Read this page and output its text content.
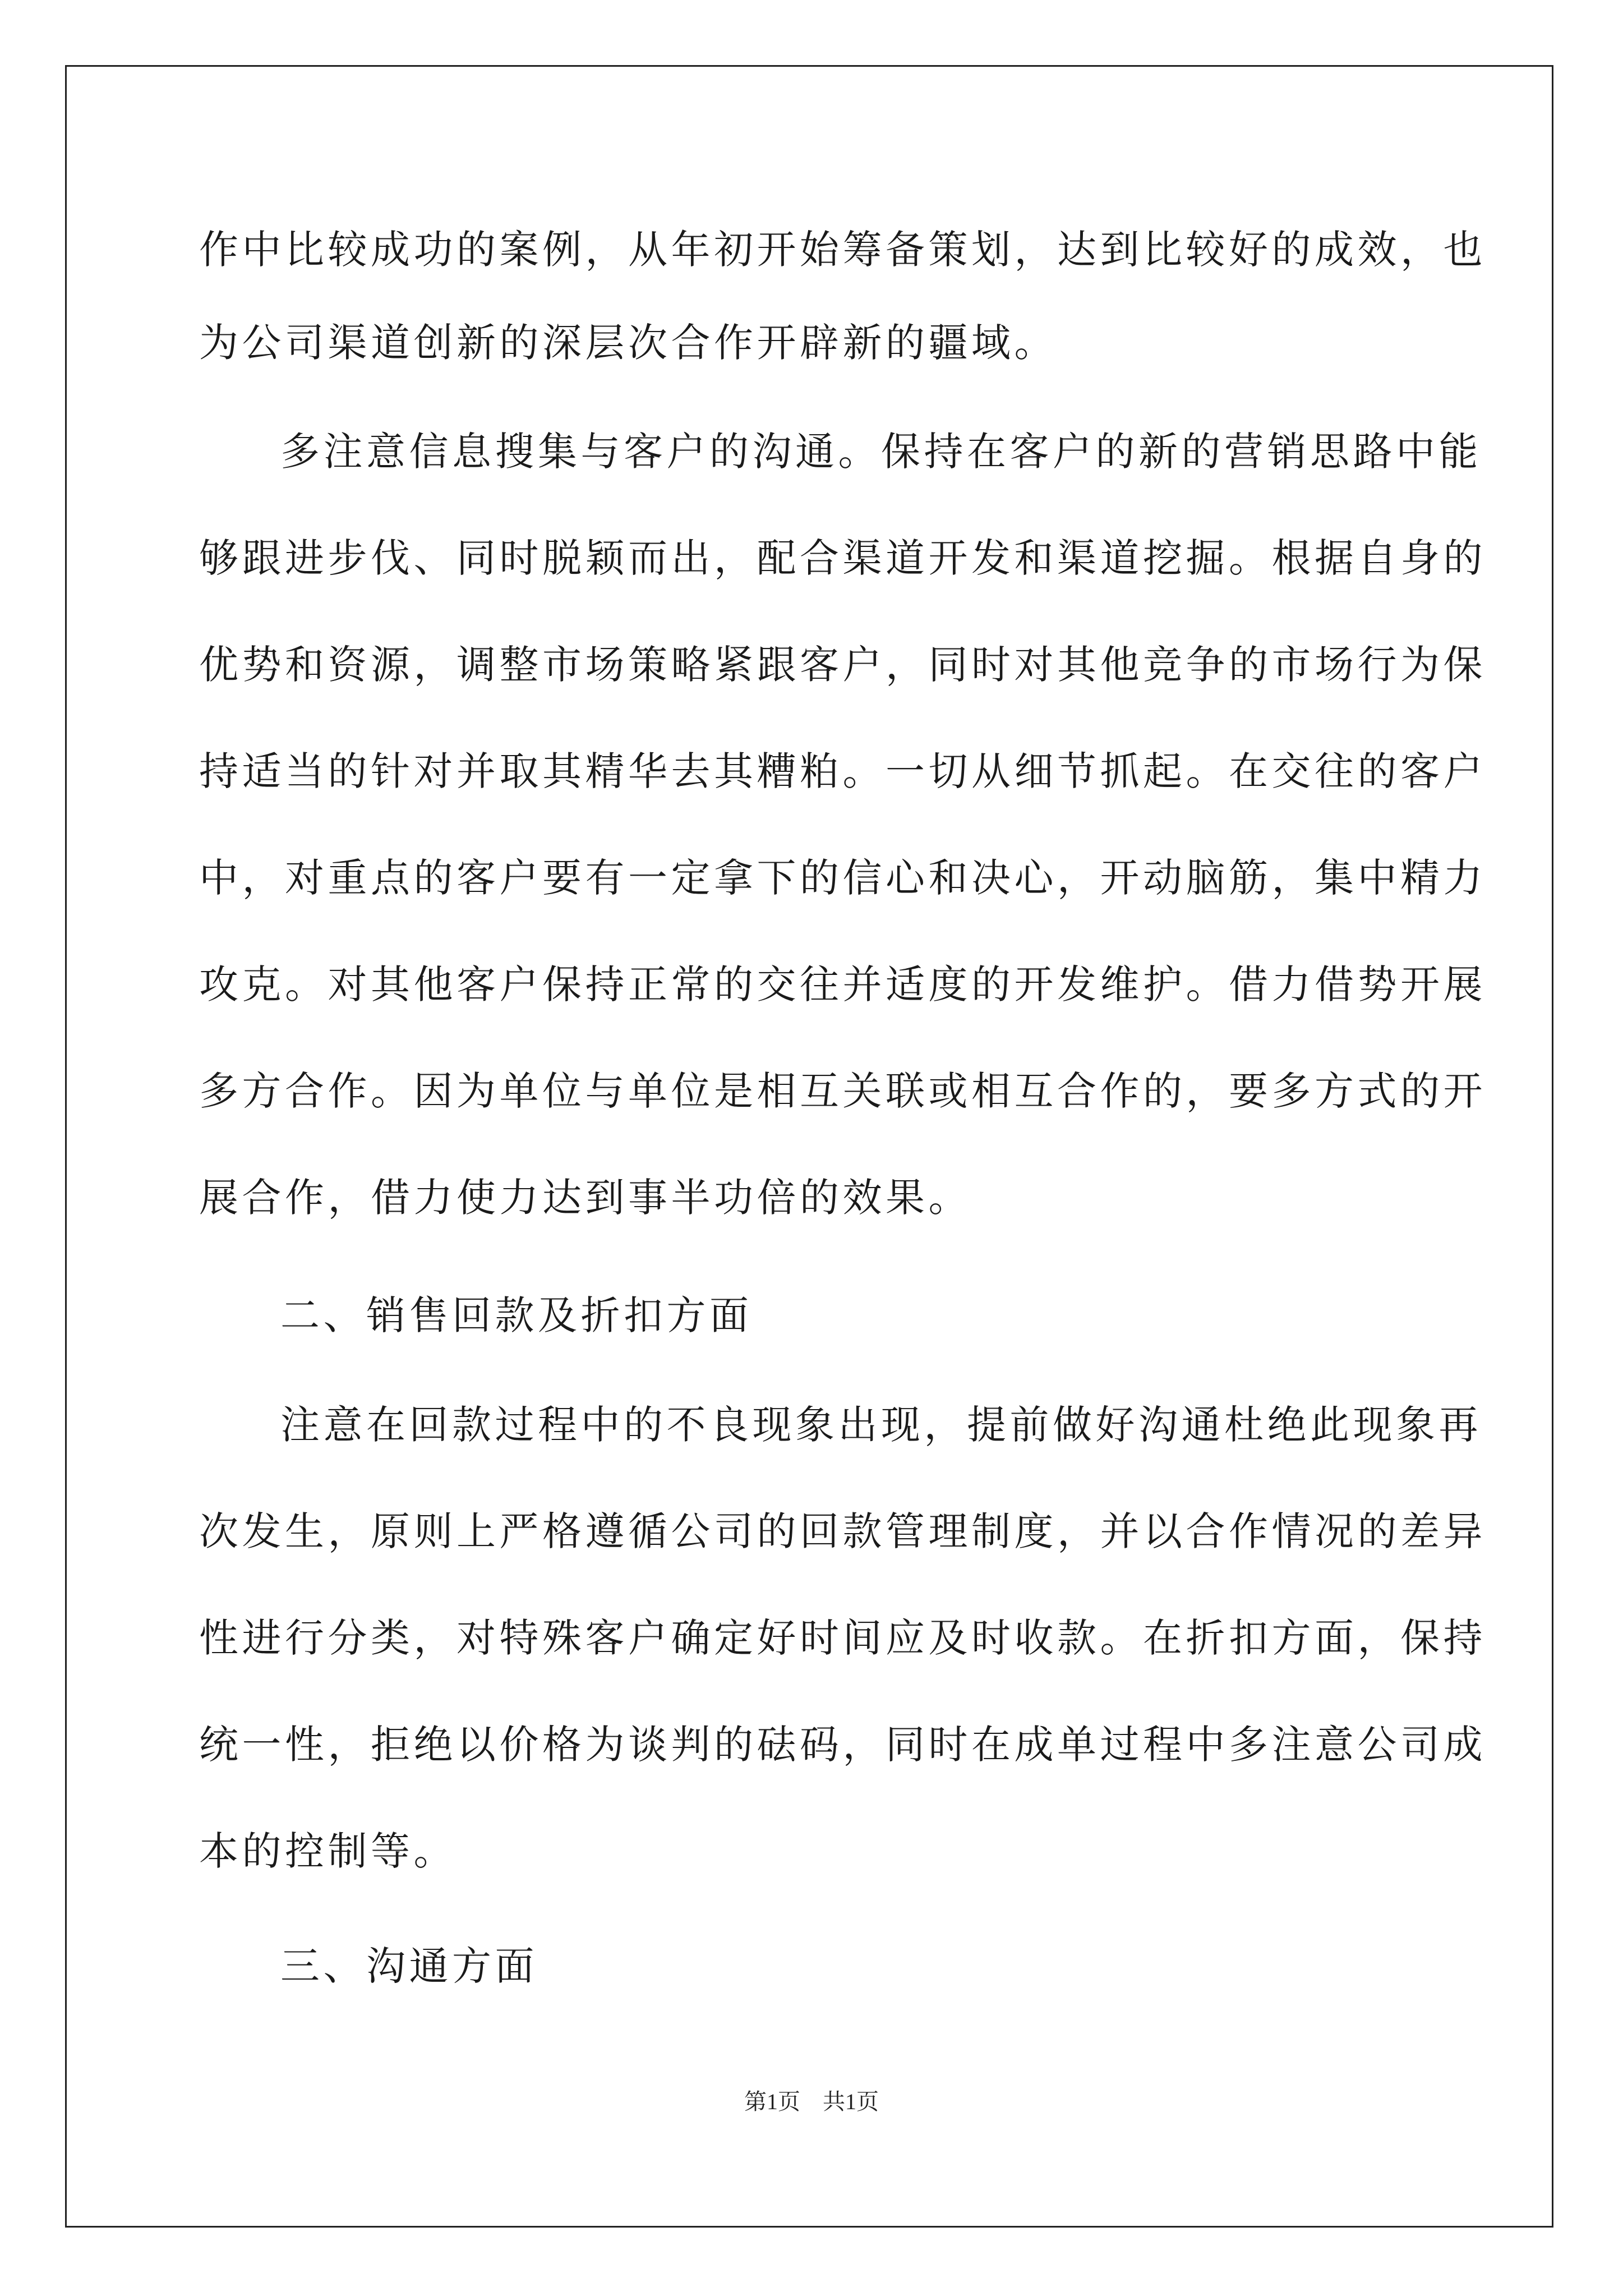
作中比较成功的案例，从年初开始筹备策划，达到比较好的成效，也
为公司渠道创新的深层次合作开辟新的疆域。
多注意信息搜集与客户的沟通。保持在客户的新的营销思路中能
够跟进步伐、同时脱颖而出，配合渠道开发和渠道挖掘。根据自身的
优势和资源，调整市场策略紧跟客户，同时对其他竞争的市场行为保
持适当的针对并取其精华去其糟粕。一切从细节抓起。在交往的客户
中，对重点的客户要有一定拿下的信心和决心，开动脑筋，集中精力
攻克。对其他客户保持正常的交往并适度的开发维护。借力借势开展
多方合作。因为单位与单位是相互关联或相互合作的，要多方式的开
展合作，借力使力达到事半功倍的效果。
二、销售回款及折扣方面
注意在回款过程中的不良现象出现，提前做好沟通杜绝此现象再
次发生，原则上严格遵循公司的回款管理制度，并以合作情况的差异
性进行分类，对特殊客户确定好时间应及时收款。在折扣方面，保持
统一性，拒绝以价格为谈判的砝码，同时在成单过程中多注意公司成
本的控制等。
三、沟通方面
第1页　共1页
